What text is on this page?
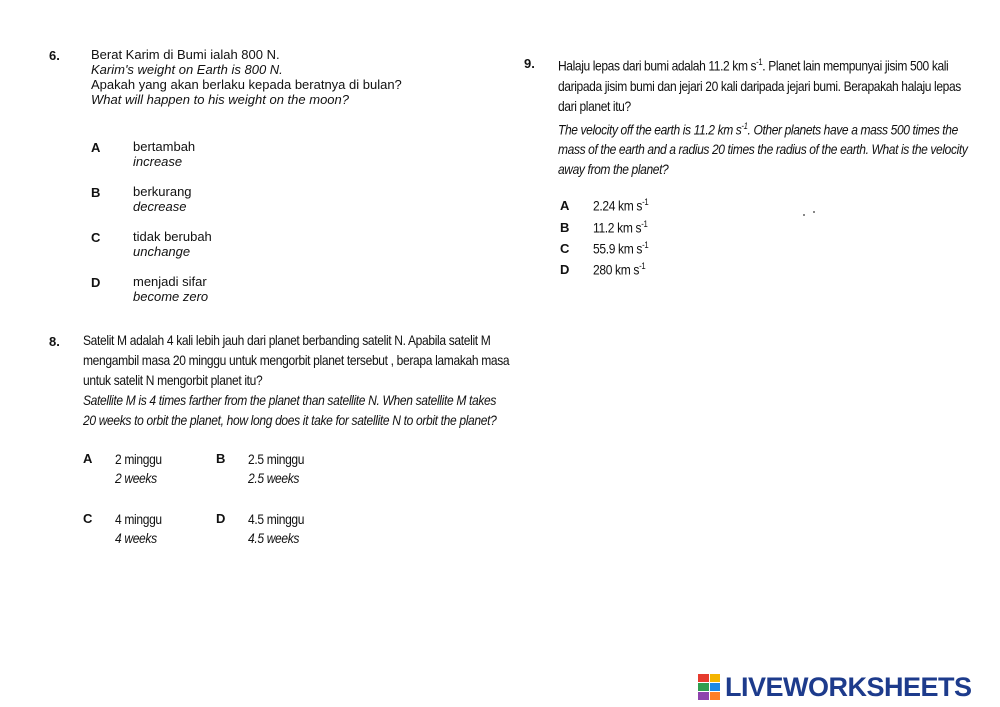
6. Berat Karim di Bumi ialah 800 N.
Karim's weight on Earth is 800 N.
Apakah yang akan berlaku kepada beratnya di bulan?
What will happen to his weight on the moon?
A	bertambah
increase
B	berkurang
decrease
C	tidak berubah
unchange
D	menjadi sifar
become zero
8. Satelit M adalah 4 kali lebih jauh dari planet berbanding satelit N. Apabila satelit M
mengambil masa 20 minggu untuk mengorbit planet tersebut , berapa lamakah masa
untuk satelit N mengorbit planet itu?
Satellite M is 4 times farther from the planet than satellite N. When satellite M takes
20 weeks to orbit the planet, how long does it take for satellite N to orbit the planet?
A 2 minggu
2 weeks
B 2.5 minggu
2.5 weeks
C 4 minggu
4 weeks
D 4.5 minggu
4.5 weeks
9. Halaju lepas dari bumi adalah 11.2 km $s^{-1}$. Planet lain mempunyai jisim 500 kali
daripada jisim bumi dan jejari 20 kali daripada jejari bumi. Berapakah halaju lepas
dari planet itu?
The velocity off the earth is 11.2 km $s^{-1}$. Other planets have a mass 500 times the
mass of the earth and a radius 20 times the radius of the earth. What is the velocity
away from the planet?
A 2.24 km $s^{-1}$
B 11.2 km $s^{-1}$
C 55.9 km $s^{-1}$
D 280 km $s^{-1}$
LIVEWORKSHEETS
